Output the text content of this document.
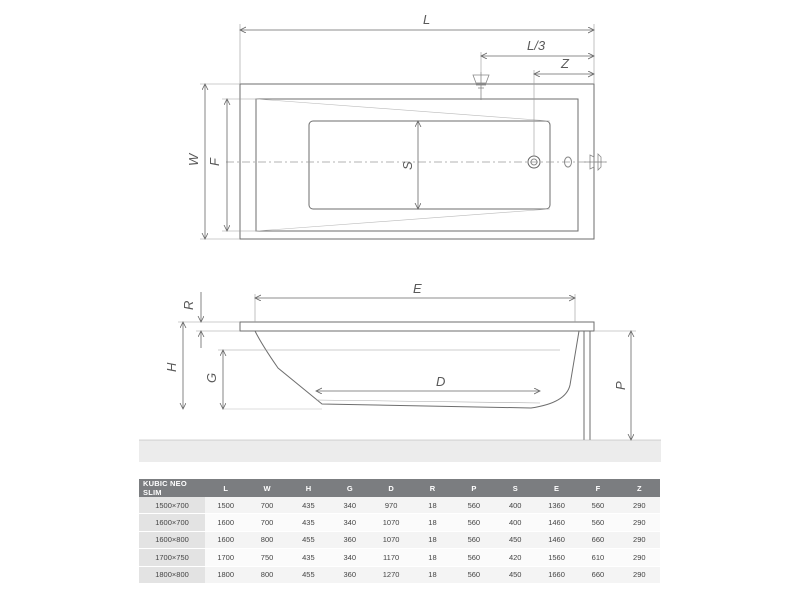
L
L/3
Z
W F	S
E
R
H
G	D	P
KUBIC NEO SLIM	L	W	H	G	D	R	P	S	E	F	Z
1500×700	1500	700	435	340	970	18	560	400	1360	560	290
1600×700	1600	700	435	340	1070	18	560	400	1460	560	290
1600×800	1600	800	455	360	1070	18	560	450	1460	660	290
1700×750	1700	750	435	340	1170	18	560	420	1560	610	290
1800×800	1800	800	455	360	1270	18	560	450	1660	660	290
